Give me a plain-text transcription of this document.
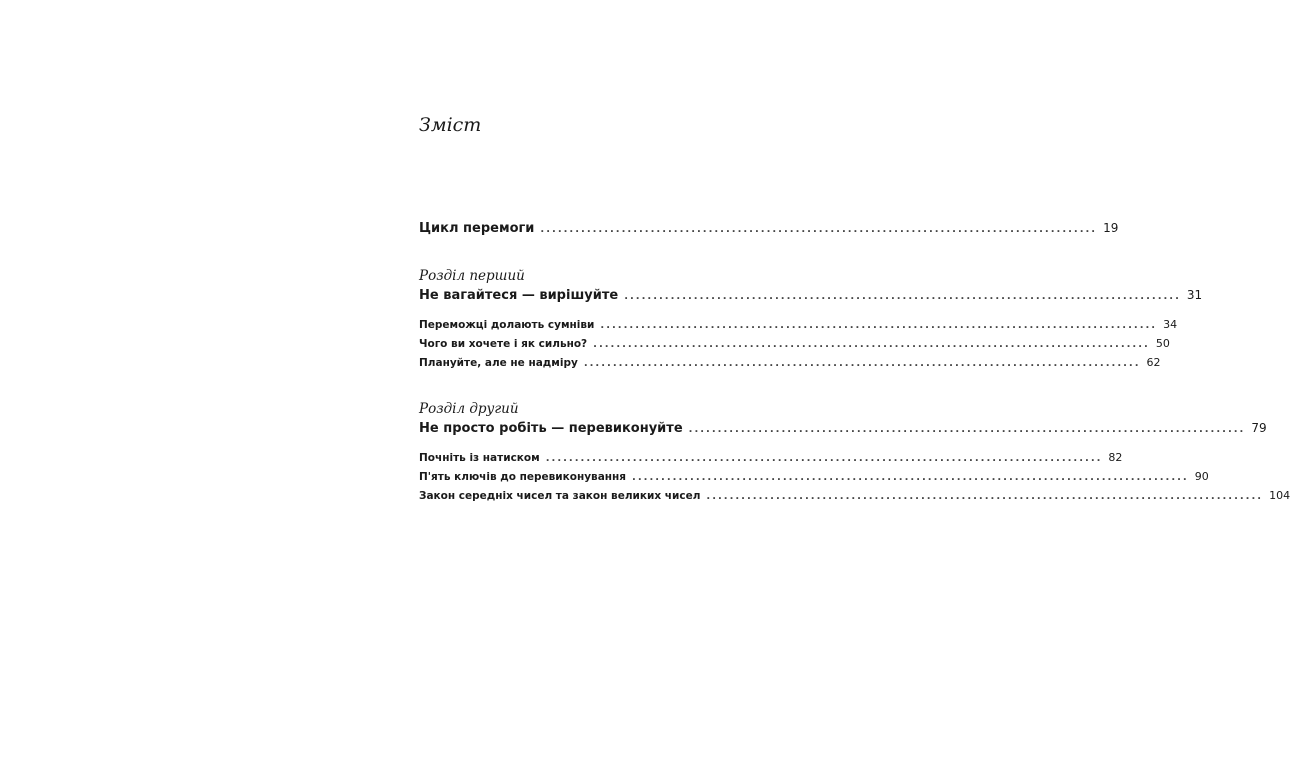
Зміст
Цикл перемоги ................................................................................................ 19
Розділ перший
Не вагайтеся — вирішуйте ................................................................................................ 31
Переможці долають сумніви ................................................................................................ 34
Чого ви хочете і як сильно? ................................................................................................ 50
Плануйте, але не надміру ................................................................................................ 62
Розділ другий
Не просто робіть — перевиконуйте ................................................................................................ 79
Почніть із натиском ................................................................................................ 82
П'ять ключів до перевиконування ................................................................................................ 90
Закон середніх чисел та закон великих чисел ................................................................................................ 104
